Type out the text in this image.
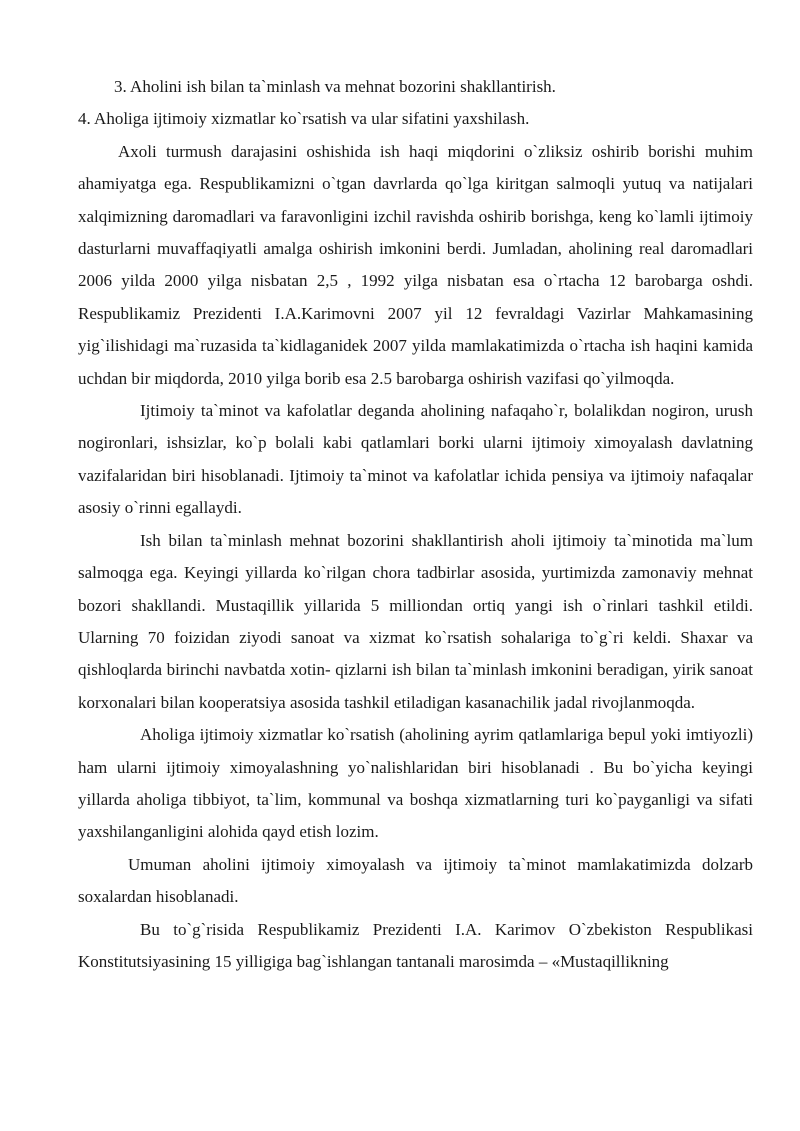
3. Aholini ish bilan ta`minlash va mehnat bozorini shakllantirish.

4. Aholiga ijtimoiy xizmatlar ko`rsatish va ular sifatini yaxshilash.

Axoli turmush darajasini oshishida ish haqi miqdorini o`zliksiz oshirib borishi muhim ahamiyatga ega. Respublikamizni o`tgan davrlarda qo`lga kiritgan salmoqli yutuq va natijalari xalqimizning daromadlari va faravonligini izchil ravishda oshirib borishga, keng ko`lamli ijtimoiy dasturlarni muvaffaqiyatli amalga oshirish imkonini berdi. Jumladan, aholining real daromadlari 2006 yilda 2000 yilga nisbatan 2,5 , 1992 yilga nisbatan esa o`rtacha 12 barobarga oshdi. Respublikamiz Prezidenti I.A.Karimovni 2007 yil 12 fevraldagi Vazirlar Mahkamasining yig`ilishidagi ma`ruzasida ta`kidlaganidek 2007 yilda mamlakatimizda o`rtacha ish haqini kamida uchdan bir miqdorda, 2010 yilga borib esa 2.5 barobarga oshirish vazifasi qo`yilmoqda.

Ijtimoiy ta`minot va kafolatlar deganda aholining nafaqaho`r, bolalikdan nogiron, urush nogironlari, ishsizlar, ko`p bolali kabi qatlamlari borki ularni ijtimoiy ximoyalash davlatning vazifalaridan biri hisoblanadi. Ijtimoiy ta`minot va kafolatlar ichida pensiya va ijtimoiy nafaqalar asosiy o`rinni egallaydi.

Ish bilan ta`minlash mehnat bozorini shakllantirish aholi ijtimoiy ta`minotida ma`lum salmoqga ega. Keyingi yillarda ko`rilgan chora tadbirlar asosida, yurtimizda zamonaviy mehnat bozori shakllandi. Mustaqillik yillarida 5 milliondan ortiq yangi ish o`rinlari tashkil etildi. Ularning 70 foizidan ziyodi sanoat va xizmat ko`rsatish sohalariga to`g`ri keldi. Shaxar va qishloqlarda birinchi navbatda xotin- qizlarni ish bilan ta`minlash imkonini beradigan, yirik sanoat korxonalari bilan kooperatsiya asosida tashkil etiladigan kasanachilik jadal rivojlanmoqda.

Aholiga ijtimoiy xizmatlar ko`rsatish (aholining ayrim qatlamlariga bepul yoki imtiyozli) ham ularni ijtimoiy ximoyalashning yo`nalishlaridan biri hisoblanadi . Bu bo`yicha keyingi yillarda aholiga tibbiyot, ta`lim, kommunal va boshqa xizmatlarning turi ko`payganligi va sifati yaxshilanganligini alohida qayd etish lozim.

Umuman aholini ijtimoiy ximoyalash va ijtimoiy ta`minot mamlakatimizda dolzarb soxalardan hisoblanadi.

Bu to`g`risida Respublikamiz Prezidenti I.A. Karimov O`zbekiston Respublikasi Konstitutsiyasining 15 yilligiga bag`ishlangan tantanali marosimda – «Mustaqillikning
